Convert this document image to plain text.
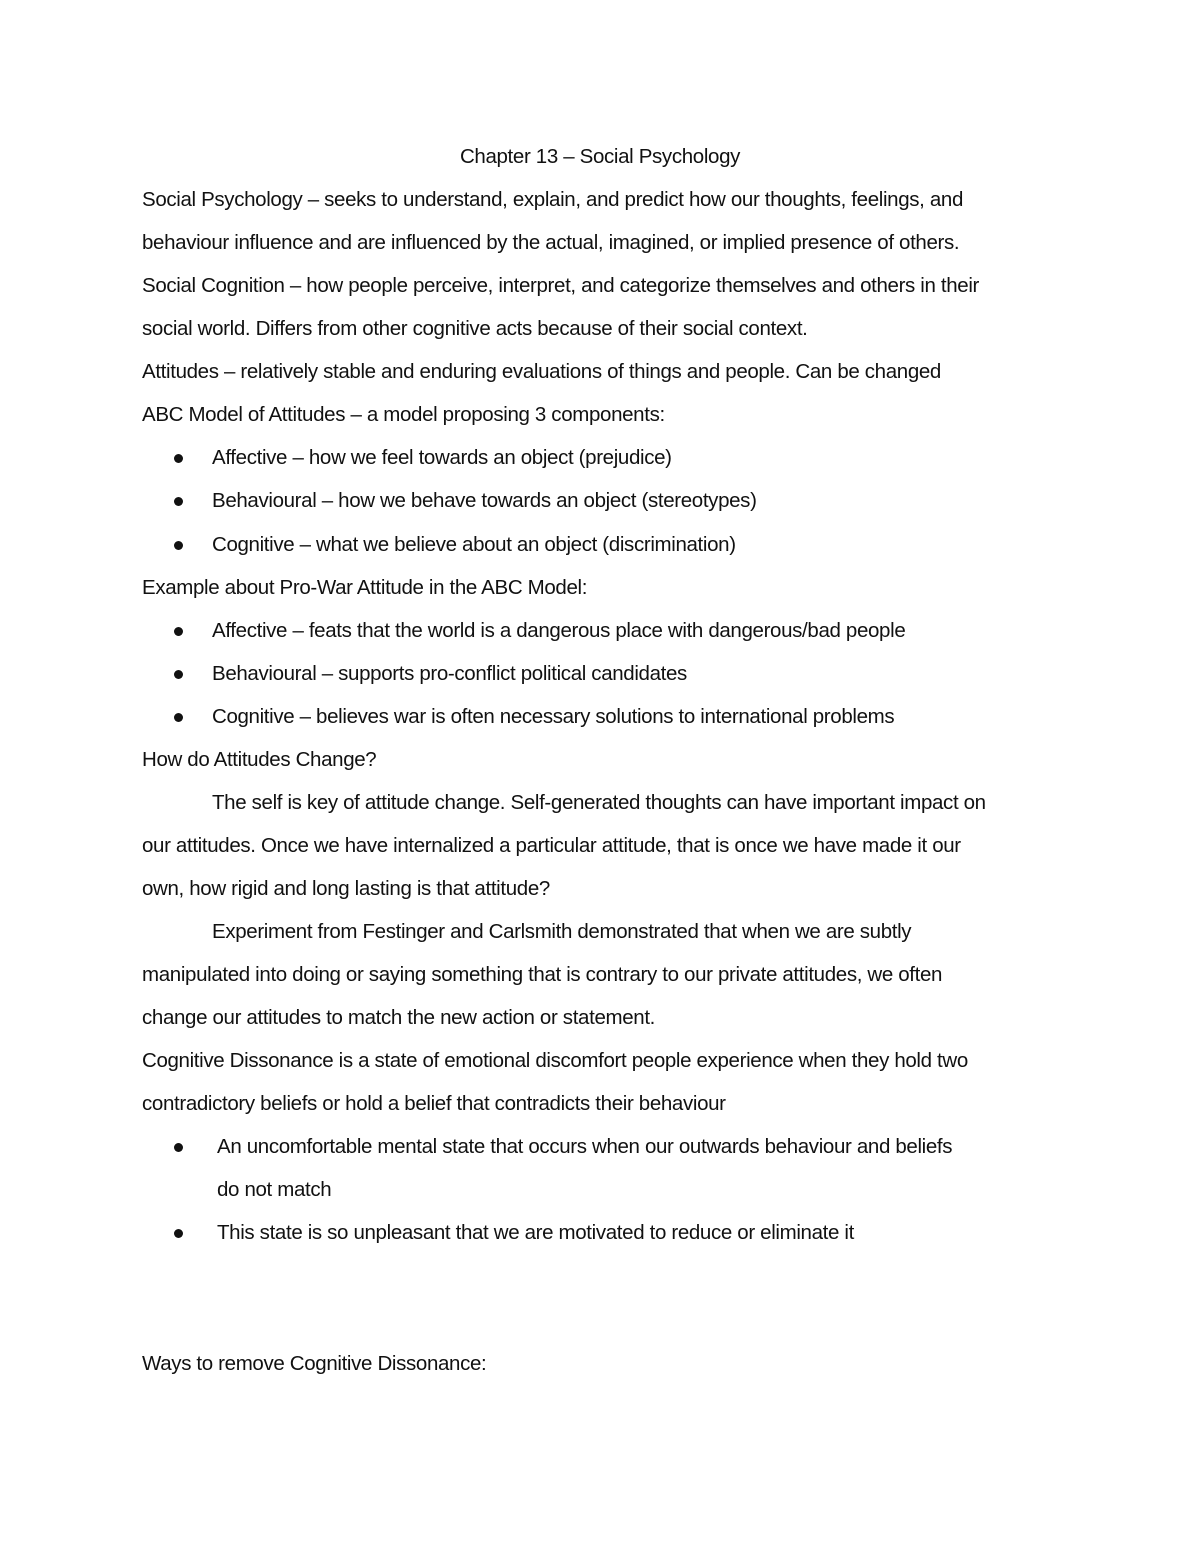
Chapter 13 – Social Psychology
Social Psychology – seeks to understand, explain, and predict how our thoughts, feelings, and
behaviour influence and are influenced by the actual, imagined, or implied presence of others.
Social Cognition – how people perceive, interpret, and categorize themselves and others in their
social world. Differs from other cognitive acts because of their social context.
Attitudes – relatively stable and enduring evaluations of things and people. Can be changed
ABC Model of Attitudes – a model proposing 3 components:
Affective – how we feel towards an object (prejudice)
Behavioural – how we behave towards an object (stereotypes)
Cognitive – what we believe about an object (discrimination)
Example about Pro-War Attitude in the ABC Model:
Affective – feats that the world is a dangerous place with dangerous/bad people
Behavioural – supports pro-conflict political candidates
Cognitive – believes war is often necessary solutions to international problems
How do Attitudes Change?
The self is key of attitude change. Self-generated thoughts can have important impact on
our attitudes. Once we have internalized a particular attitude, that is once we have made it our
own, how rigid and long lasting is that attitude?
Experiment from Festinger and Carlsmith demonstrated that when we are subtly
manipulated into doing or saying something that is contrary to our private attitudes, we often
change our attitudes to match the new action or statement.
Cognitive Dissonance is a state of emotional discomfort people experience when they hold two
contradictory beliefs or hold a belief that contradicts their behaviour
An uncomfortable mental state that occurs when our outwards behaviour and beliefs
do not match
This state is so unpleasant that we are motivated to reduce or eliminate it
Ways to remove Cognitive Dissonance:
